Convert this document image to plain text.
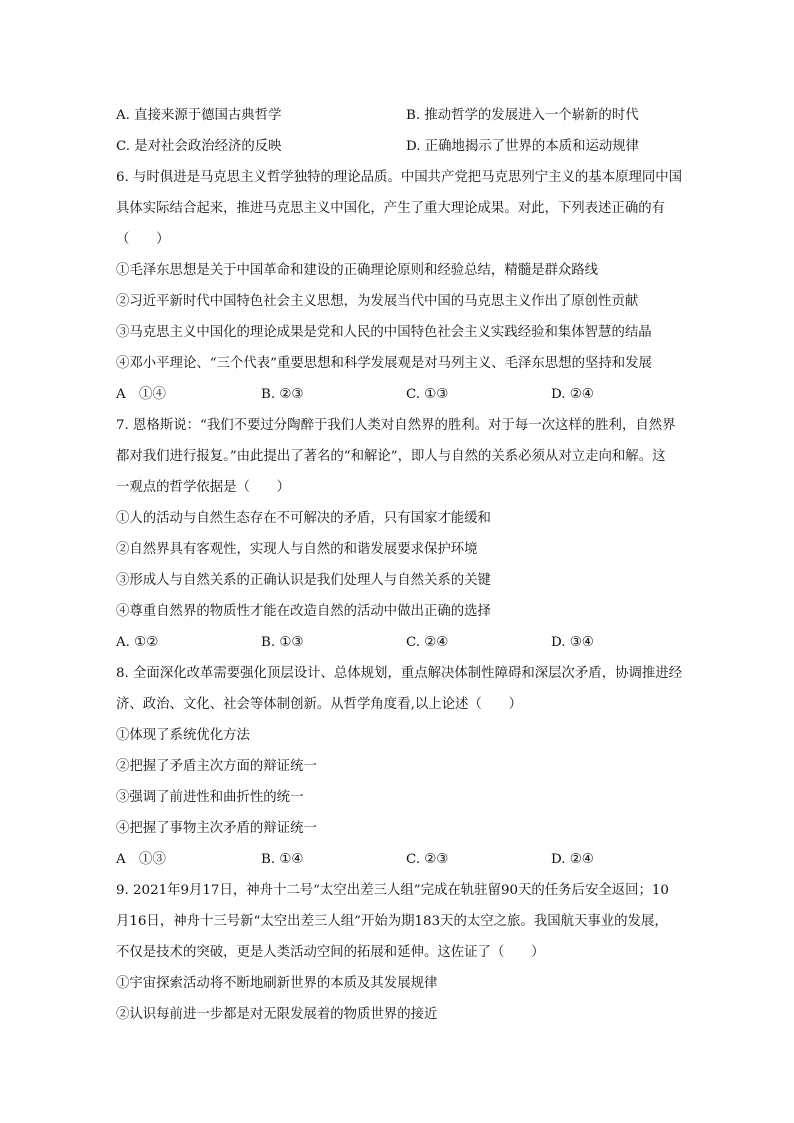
A. 直接来源于德国古典哲学	B. 推动哲学的发展进入一个崭新的时代
C. 是对社会政治经济的反映	D. 正确地揭示了世界的本质和运动规律
6. 与时俱进是马克思主义哲学独特的理论品质。中国共产党把马克思列宁主义的基本原理同中国
具体实际结合起来，推进马克思主义中国化，产生了重大理论成果。对此，下列表述正确的有
（　　）
①毛泽东思想是关于中国革命和建设的正确理论原则和经验总结，精髓是群众路线
②习近平新时代中国特色社会主义思想，为发展当代中国的马克思主义作出了原创性贡献
③马克思主义中国化的理论成果是党和人民的中国特色社会主义实践经验和集体智慧的结晶
④邓小平理论、“三个代表”重要思想和科学发展观是对马列主义、毛泽东思想的坚持和发展
A　①④	B. ②③	C. ①③	D. ②④
7. 恩格斯说：“我们不要过分陶醉于我们人类对自然界的胜利。对于每一次这样的胜利，自然界
都对我们进行报复。”由此提出了著名的“和解论”，即人与自然的关系必须从对立走向和解。这
一观点的哲学依据是（　　）
①人的活动与自然生态存在不可解决的矛盾，只有国家才能缓和
②自然界具有客观性，实现人与自然的和谐发展要求保护环境
③形成人与自然关系的正确认识是我们处理人与自然关系的关键
④尊重自然界的物质性才能在改造自然的活动中做出正确的选择
A. ①②	B. ①③	C. ②④	D. ③④
8. 全面深化改革需要强化顶层设计、总体规划，重点解决体制性障碍和深层次矛盾，协调推进经
济、政治、文化、社会等体制创新。从哲学角度看,以上论述（　　）
①体现了系统优化方法
②把握了矛盾主次方面的辩证统一
③强调了前进性和曲折性的统一
④把握了事物主次矛盾的辩证统一
A　①③	B. ①④	C. ②③	D. ②④
9. 2021年9月17日，神舟十二号“太空出差三人组”完成在轨驻留90天的任务后安全返回；10
月16日，神舟十三号新“太空出差三人组”开始为期183天的太空之旅。我国航天事业的发展，
不仅是技术的突破，更是人类活动空间的拓展和延伸。这佐证了（　　）
①宇宙探索活动将不断地刷新世界的本质及其发展规律
②认识每前进一步都是对无限发展着的物质世界的接近
